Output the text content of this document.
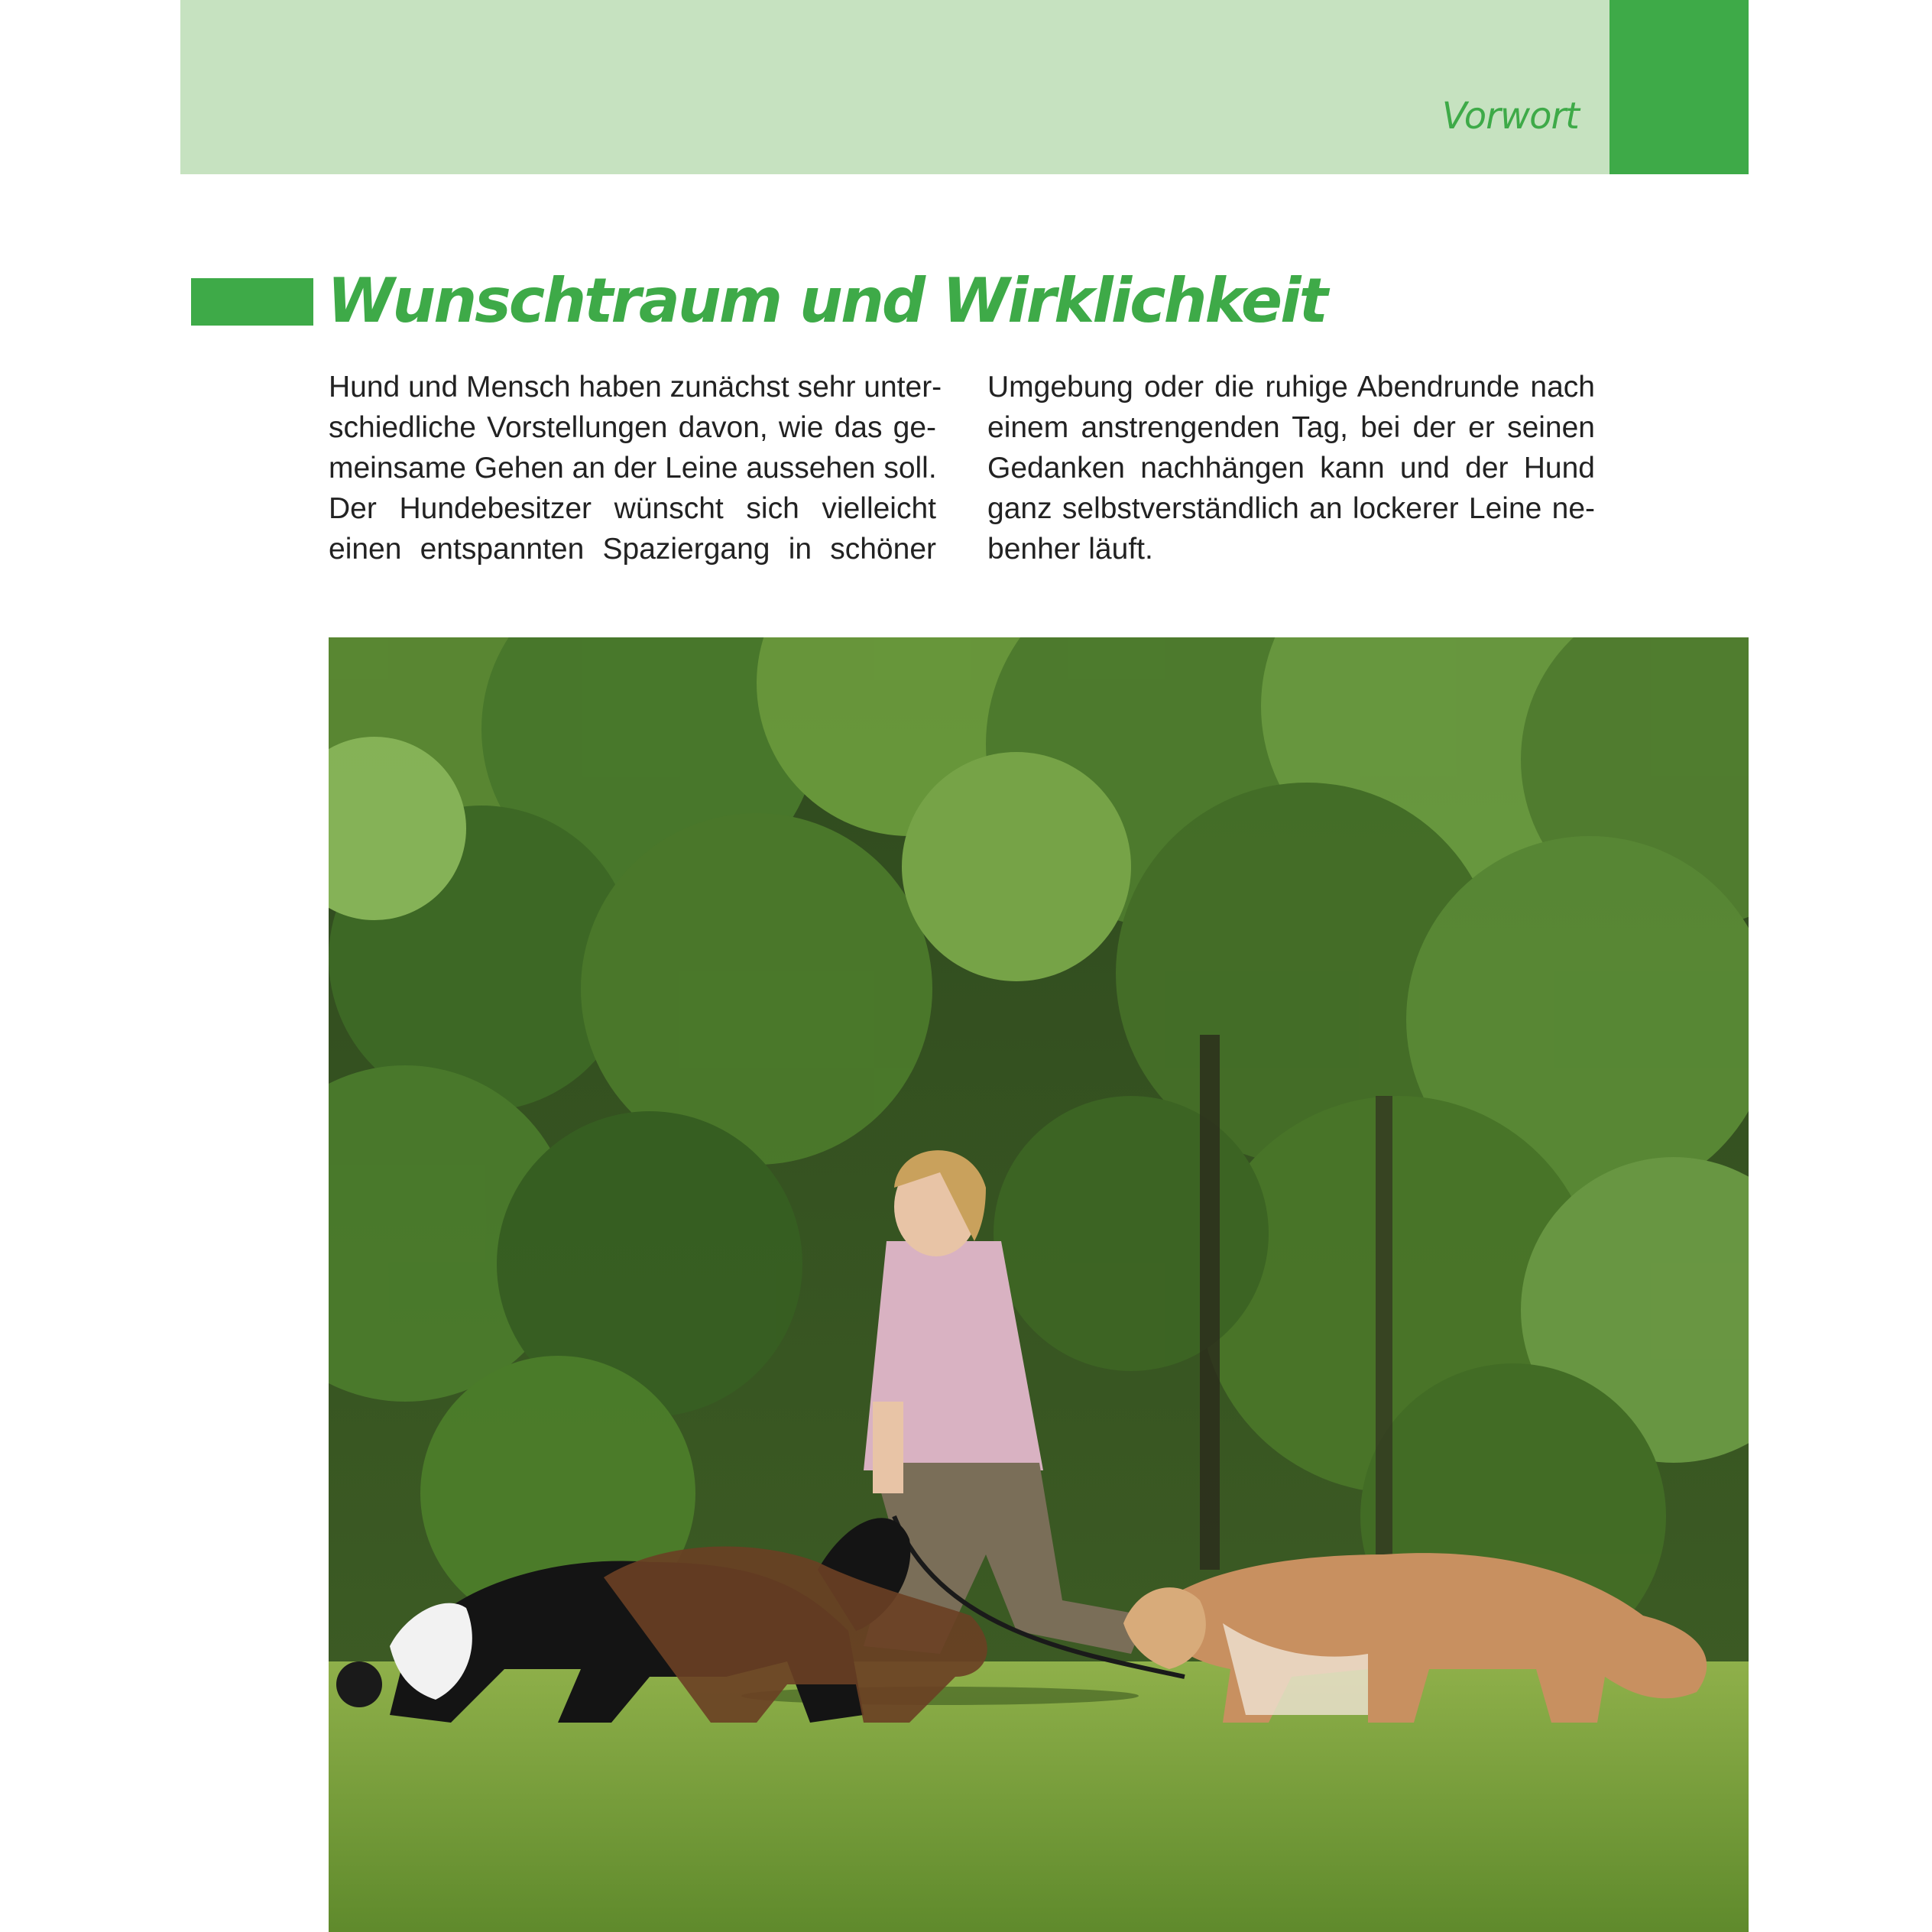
Vorwort
Wunschtraum und Wirklichkeit
Hund und Mensch haben zunächst sehr unter-
schiedliche Vorstellungen davon, wie das ge-
meinsame Gehen an der Leine aussehen soll.
Der Hundebesitzer wünscht sich vielleicht
einen entspannten Spaziergang in schöner
Umgebung oder die ruhige Abendrunde nach
einem anstrengenden Tag, bei der er seinen
Gedanken nachhängen kann und der Hund
ganz selbstverständlich an lockerer Leine ne-
benher läuft.
